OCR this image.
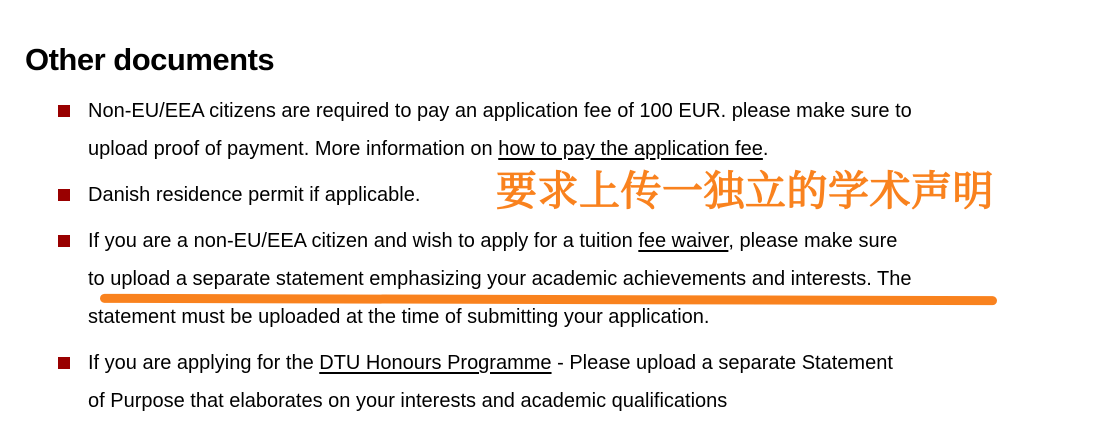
Other documents
Non-EU/EEA citizens are required to pay an application fee of 100 EUR. please make sure to
upload proof of payment. More information on how to pay the application fee.
Danish residence permit if applicable.
If you are a non-EU/EEA citizen and wish to apply for a tuition fee waiver, please make sure
to upload a separate statement emphasizing your academic achievements and interests. The
statement must be uploaded at the time of submitting your application.
If you are applying for the DTU Honours Programme - Please upload a separate Statement
of Purpose that elaborates on your interests and academic qualifications
要求上传一独立的学术声明
